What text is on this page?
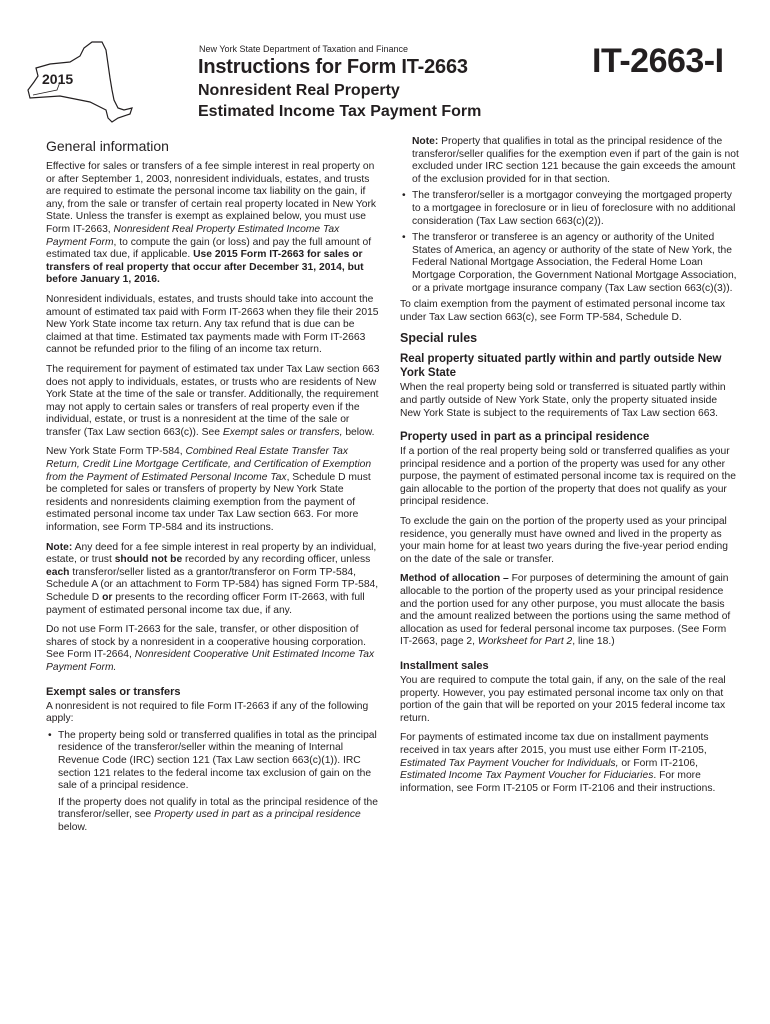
2015
New York State Department of Taxation and Finance
Instructions for Form IT-2663
Nonresident Real Property
Estimated Income Tax Payment Form
IT-2663-I
General information

Effective for sales or transfers of a fee simple interest in real property on or after September 1, 2003, nonresident individuals, estates, and trusts are required to estimate the personal income tax liability on the gain, if any, from the sale or transfer of certain real property located in New York State. Unless the transfer is exempt as explained below, you must use Form IT-2663, Nonresident Real Property Estimated Income Tax Payment Form, to compute the gain (or loss) and pay the full amount of estimated tax due, if applicable. Use 2015 Form IT-2663 for sales or transfers of real property that occur after December 31, 2014, but before January 1, 2016.

Nonresident individuals, estates, and trusts should take into account the amount of estimated tax paid with Form IT-2663 when they file their 2015 New York State income tax return. Any tax refund that is due can be claimed at that time. Estimated tax payments made with Form IT-2663 cannot be refunded prior to the filing of an income tax return.

The requirement for payment of estimated tax under Tax Law section 663 does not apply to individuals, estates, or trusts who are residents of New York State at the time of the sale or transfer. Additionally, the requirement may not apply to certain sales or transfers of real property even if the individual, estate, or trust is a nonresident at the time of the sale or transfer (Tax Law section 663(c)). See Exempt sales or transfers, below.

New York State Form TP-584, Combined Real Estate Transfer Tax Return, Credit Line Mortgage Certificate, and Certification of Exemption from the Payment of Estimated Personal Income Tax, Schedule D must be completed for sales or transfers of property by New York State residents and nonresidents claiming exemption from the payment of estimated personal income tax under Tax Law section 663. For more information, see Form TP-584 and its instructions.

Note: Any deed for a fee simple interest in real property by an individual, estate, or trust should not be recorded by any recording officer, unless each transferor/seller listed as a grantor/transferor on Form TP-584, Schedule A (or an attachment to Form TP-584) has signed Form TP-584, Schedule D or presents to the recording officer Form IT-2663, with full payment of estimated personal income tax due, if any.

Do not use Form IT-2663 for the sale, transfer, or other disposition of shares of stock by a nonresident in a cooperative housing corporation. See Form IT-2664, Nonresident Cooperative Unit Estimated Income Tax Payment Form.

Exempt sales or transfers

A nonresident is not required to file Form IT-2663 if any of the following apply:

• The property being sold or transferred qualifies in total as the principal residence of the transferor/seller within the meaning of Internal Revenue Code (IRC) section 121 (Tax Law section 663(c)(1)). IRC section 121 relates to the federal income tax exclusion of gain on the sale of a principal residence.
If the property does not qualify in total as the principal residence of the transferor/seller, see Property used in part as a principal residence below.
Note: Property that qualifies in total as the principal residence of the transferor/seller qualifies for the exemption even if part of the gain is not excluded under IRC section 121 because the gain exceeds the amount of the exclusion provided for in that section.
• The transferor/seller is a mortgagor conveying the mortgaged property to a mortgagee in foreclosure or in lieu of foreclosure with no additional consideration (Tax Law section 663(c)(2)).
• The transferor or transferee is an agency or authority of the United States of America, an agency or authority of the state of New York, the Federal National Mortgage Association, the Federal Home Loan Mortgage Corporation, the Government National Mortgage Association, or a private mortgage insurance company (Tax Law section 663(c)(3)).

To claim exemption from the payment of estimated personal income tax under Tax Law section 663(c), see Form TP-584, Schedule D.

Special rules
Real property situated partly within and partly outside New York State

When the real property being sold or transferred is situated partly within and partly outside of New York State, only the property situated inside New York State is subject to the requirements of Tax Law section 663.

Property used in part as a principal residence

If a portion of the real property being sold or transferred qualifies as your principal residence and a portion of the property was used for any other purpose, the payment of estimated personal income tax is required on the gain allocable to the portion of the property that does not qualify as your principal residence.

To exclude the gain on the portion of the property used as your principal residence, you generally must have owned and lived in the property as your main home for at least two years during the five-year period ending on the date of the sale or transfer.

Method of allocation – For purposes of determining the amount of gain allocable to the portion of the property used as your principal residence and the portion used for any other purpose, you must allocate the basis and the amount realized between the portions using the same method of allocation as used for federal personal income tax purposes. (See Form IT-2663, page 2, Worksheet for Part 2, line 18.)

Installment sales

You are required to compute the total gain, if any, on the sale of the real property. However, you pay estimated personal income tax only on that portion of the gain that will be reported on your 2015 federal income tax return.

For payments of estimated income tax due on installment payments received in tax years after 2015, you must use either Form IT-2105, Estimated Tax Payment Voucher for Individuals, or Form IT-2106, Estimated Income Tax Payment Voucher for Fiduciaries. For more information, see Form IT-2105 or Form IT-2106 and their instructions.
